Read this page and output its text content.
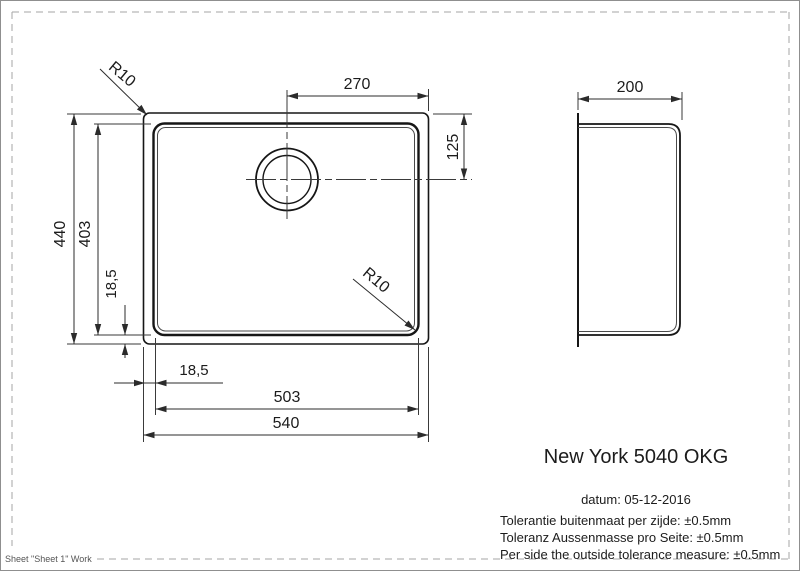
270
125
440 403
18,5
18,5
503
540
200
R10
R10
New York 5040 OKG
datum: 05-12-2016
Tolerantie buitenmaat per zijde: ±0.5mm
Toleranz Aussenmasse pro Seite: ±0.5mm
Per side the outside tolerance measure: ±0.5mm
Sheet "Sheet 1" Work
